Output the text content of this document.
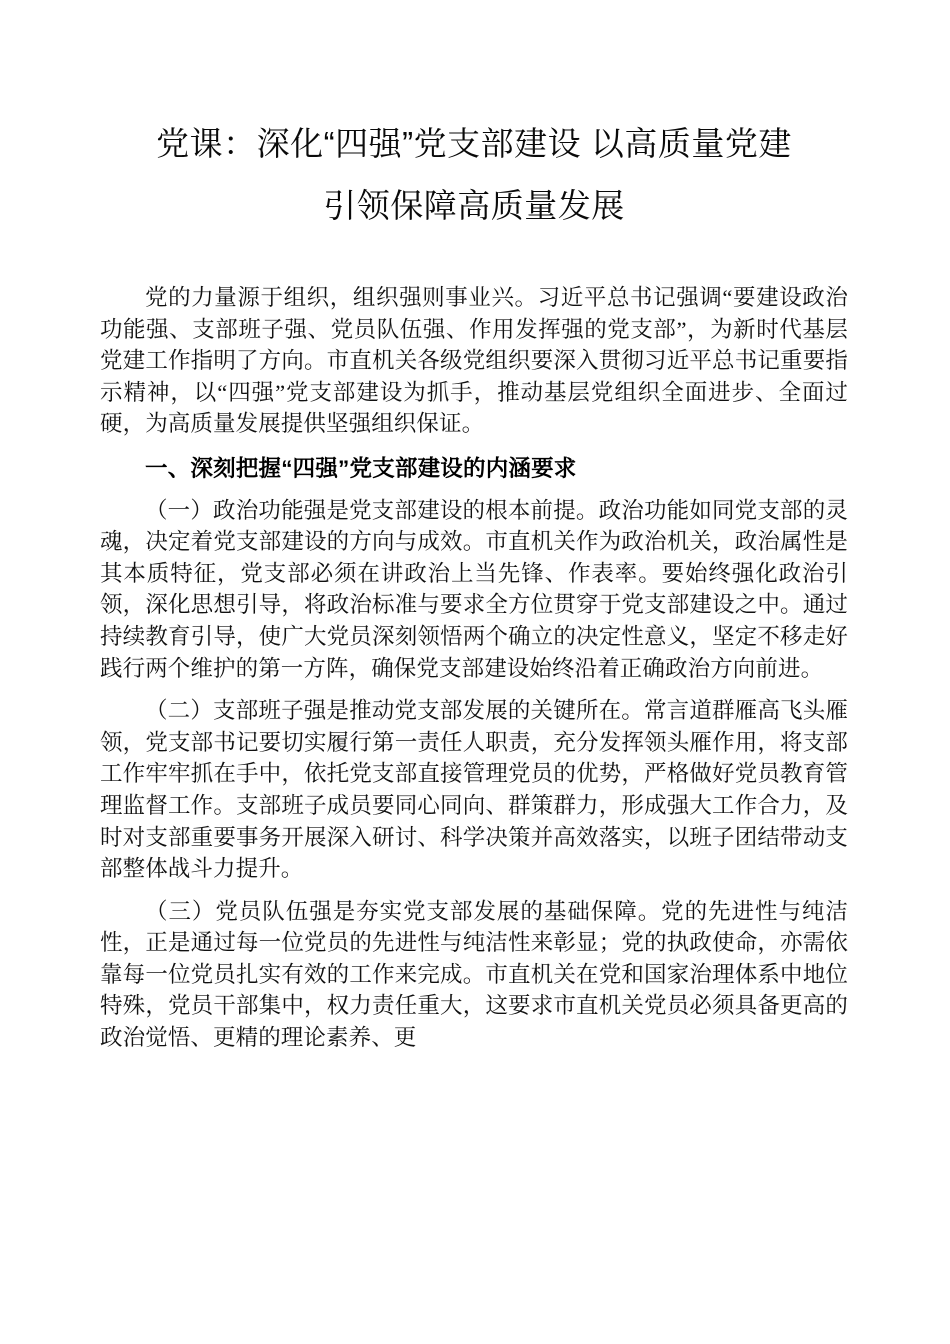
党课：深化“四强”党支部建设 以高质量党建
引领保障高质量发展

党的力量源于组织，组织强则事业兴。习近平总书记强调“要建设政治功能强、支部班子强、党员队伍强、作用发挥强的党支部”，为新时代基层党建工作指明了方向。市直机关各级党组织要深入贯彻习近平总书记重要指示精神，以“四强”党支部建设为抓手，推动基层党组织全面进步、全面过硬，为高质量发展提供坚强组织保证。

一、深刻把握“四强”党支部建设的内涵要求

（一）政治功能强是党支部建设的根本前提。政治功能如同党支部的灵魂，决定着党支部建设的方向与成效。市直机关作为政治机关，政治属性是其本质特征，党支部必须在讲政治上当先锋、作表率。要始终强化政治引领，深化思想引导，将政治标准与要求全方位贯穿于党支部建设之中。通过持续教育引导，使广大党员深刻领悟两个确立的决定性意义，坚定不移走好践行两个维护的第一方阵，确保党支部建设始终沿着正确政治方向前进。

（二）支部班子强是推动党支部发展的关键所在。常言道群雁高飞头雁领，党支部书记要切实履行第一责任人职责，充分发挥领头雁作用，将支部工作牢牢抓在手中，依托党支部直接管理党员的优势，严格做好党员教育管理监督工作。支部班子成员要同心同向、群策群力，形成强大工作合力，及时对支部重要事务开展深入研讨、科学决策并高效落实，以班子团结带动支部整体战斗力提升。

（三）党员队伍强是夯实党支部发展的基础保障。党的先进性与纯洁性，正是通过每一位党员的先进性与纯洁性来彰显；党的执政使命，亦需依靠每一位党员扎实有效的工作来完成。市直机关在党和国家治理体系中地位特殊，党员干部集中，权力责任重大，这要求市直机关党员必须具备更高的政治觉悟、更精的理论素养、更
